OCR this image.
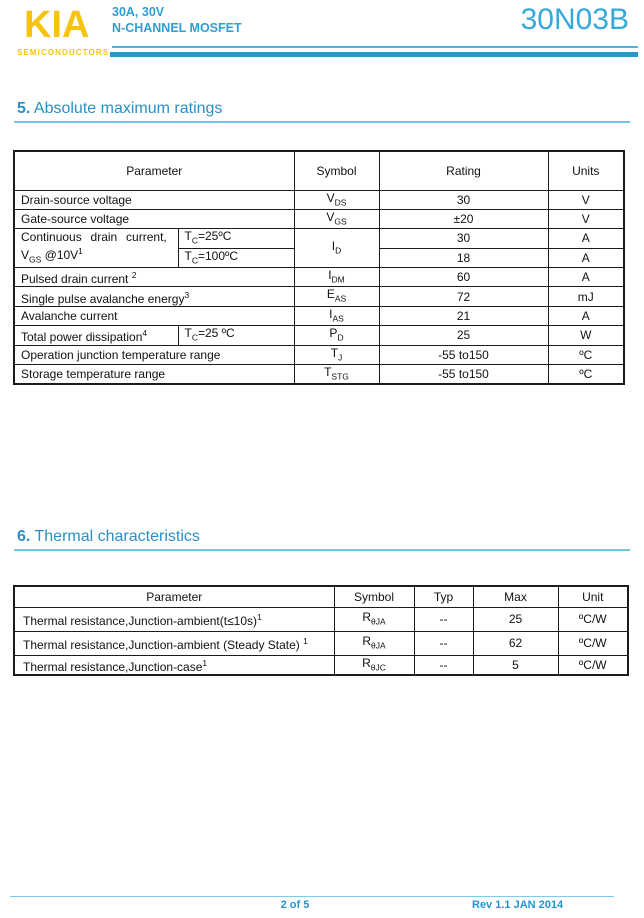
KIA
SEMICONDUCTORS
30A, 30V
N-CHANNEL MOSFET	30N03B
5. Absolute maximum ratings
Parameter		Symbol	Rating	Units
Drain-source voltage		$V_{DS}$	30	V
Gate-source voltage		$V_{GS}$	±20	V

Continuous drain current,
$V_{GS}$ $@10V^1$	$T_C=25ºC$	$I_D$	30	A
	$T_C=100ºC$		18	A
Pulsed drain current $^2$		$I_{DM}$	60	A
Single pulse avalanche energy$^3$		$E_{AS}$	72	mJ
Avalanche current		$I_{AS}$	21	A
Total power dissipation$^4$	$T_C=25$ ºC	$P_D$	25	W
Operation junction temperature range		$T_J$	-55 to150	ºC
Storage temperature range		$T_{STG}$	-55 to150	ºC
6. Thermal characteristics
Parameter	Symbol	Typ	Max	Unit
Thermal resistance,Junction-ambient(t≤10s)$^1$	$R_{\theta JA}$	--	25	ºC/W
Thermal resistance,Junction-ambient (Steady State) $^1$	$R_{\theta JA}$	--	62	ºC/W
Thermal resistance,Junction-case$^1$	$R_{\theta JC}$	--	5	ºC/W
2 of 5	Rev 1.1 JAN 2014
